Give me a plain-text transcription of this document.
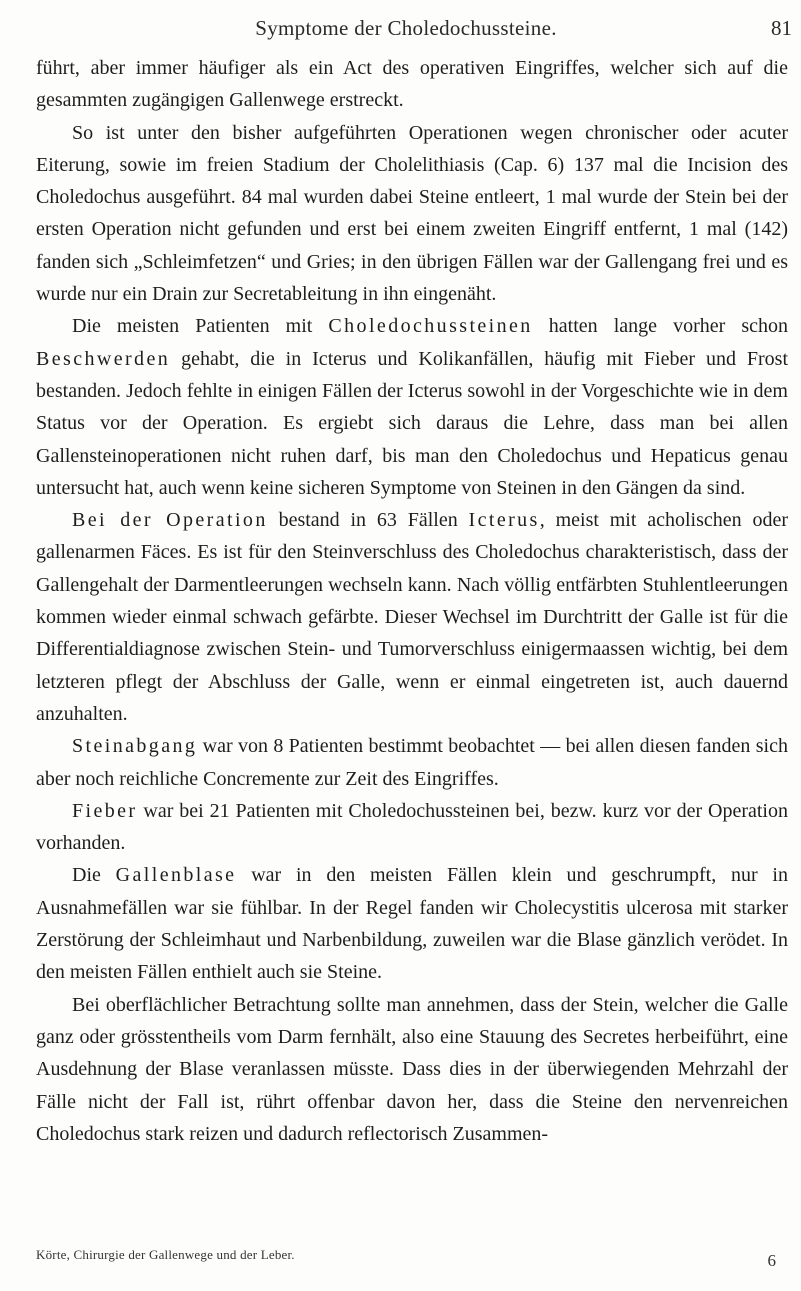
Symptome der Choledochussteine.	81

führt, aber immer häufiger als ein Act des operativen Eingriffes, welcher sich auf die gesammten zugängigen Gallenwege erstreckt.

So ist unter den bisher aufgeführten Operationen wegen chronischer oder acuter Eiterung, sowie im freien Stadium der Cholelithiasis (Cap. 6) 137 mal die Incision des Choledochus ausgeführt. 84 mal wurden dabei Steine entleert, 1 mal wurde der Stein bei der ersten Operation nicht gefunden und erst bei einem zweiten Eingriff entfernt, 1 mal (142) fanden sich „Schleimfetzen“ und Gries; in den übrigen Fällen war der Gallengang frei und es wurde nur ein Drain zur Secretableitung in ihn eingenäht.

Die meisten Patienten mit Choledochussteinen hatten lange vorher schon Beschwerden gehabt, die in Icterus und Kolikanfällen, häufig mit Fieber und Frost bestanden. Jedoch fehlte in einigen Fällen der Icterus sowohl in der Vorgeschichte wie in dem Status vor der Operation. Es ergiebt sich daraus die Lehre, dass man bei allen Gallensteinoperationen nicht ruhen darf, bis man den Choledochus und Hepaticus genau untersucht hat, auch wenn keine sicheren Symptome von Steinen in den Gängen da sind.

Bei der Operation bestand in 63 Fällen Icterus, meist mit acholischen oder gallenarmen Fäces. Es ist für den Steinverschluss des Choledochus charakteristisch, dass der Gallengehalt der Darmentleerungen wechseln kann. Nach völlig entfärbten Stuhlentleerungen kommen wieder einmal schwach gefärbte. Dieser Wechsel im Durchtritt der Galle ist für die Differentialdiagnose zwischen Stein- und Tumorverschluss einigermaassen wichtig, bei dem letzteren pflegt der Abschluss der Galle, wenn er einmal eingetreten ist, auch dauernd anzuhalten.

Steinabgang war von 8 Patienten bestimmt beobachtet — bei allen diesen fanden sich aber noch reichliche Concremente zur Zeit des Eingriffes.

Fieber war bei 21 Patienten mit Choledochussteinen bei, bezw. kurz vor der Operation vorhanden.

Die Gallenblase war in den meisten Fällen klein und geschrumpft, nur in Ausnahmefällen war sie fühlbar. In der Regel fanden wir Cholecystitis ulcerosa mit starker Zerstörung der Schleimhaut und Narbenbildung, zuweilen war die Blase gänzlich verödet. In den meisten Fällen enthielt auch sie Steine.

Bei oberflächlicher Betrachtung sollte man annehmen, dass der Stein, welcher die Galle ganz oder grösstentheils vom Darm fernhält, also eine Stauung des Secretes herbeiführt, eine Ausdehnung der Blase veranlassen müsste. Dass dies in der überwiegenden Mehrzahl der Fälle nicht der Fall ist, rührt offenbar davon her, dass die Steine den nervenreichen Choledochus stark reizen und dadurch reflectorisch Zusammen-

Körte, Chirurgie der Gallenwege und der Leber.	6
